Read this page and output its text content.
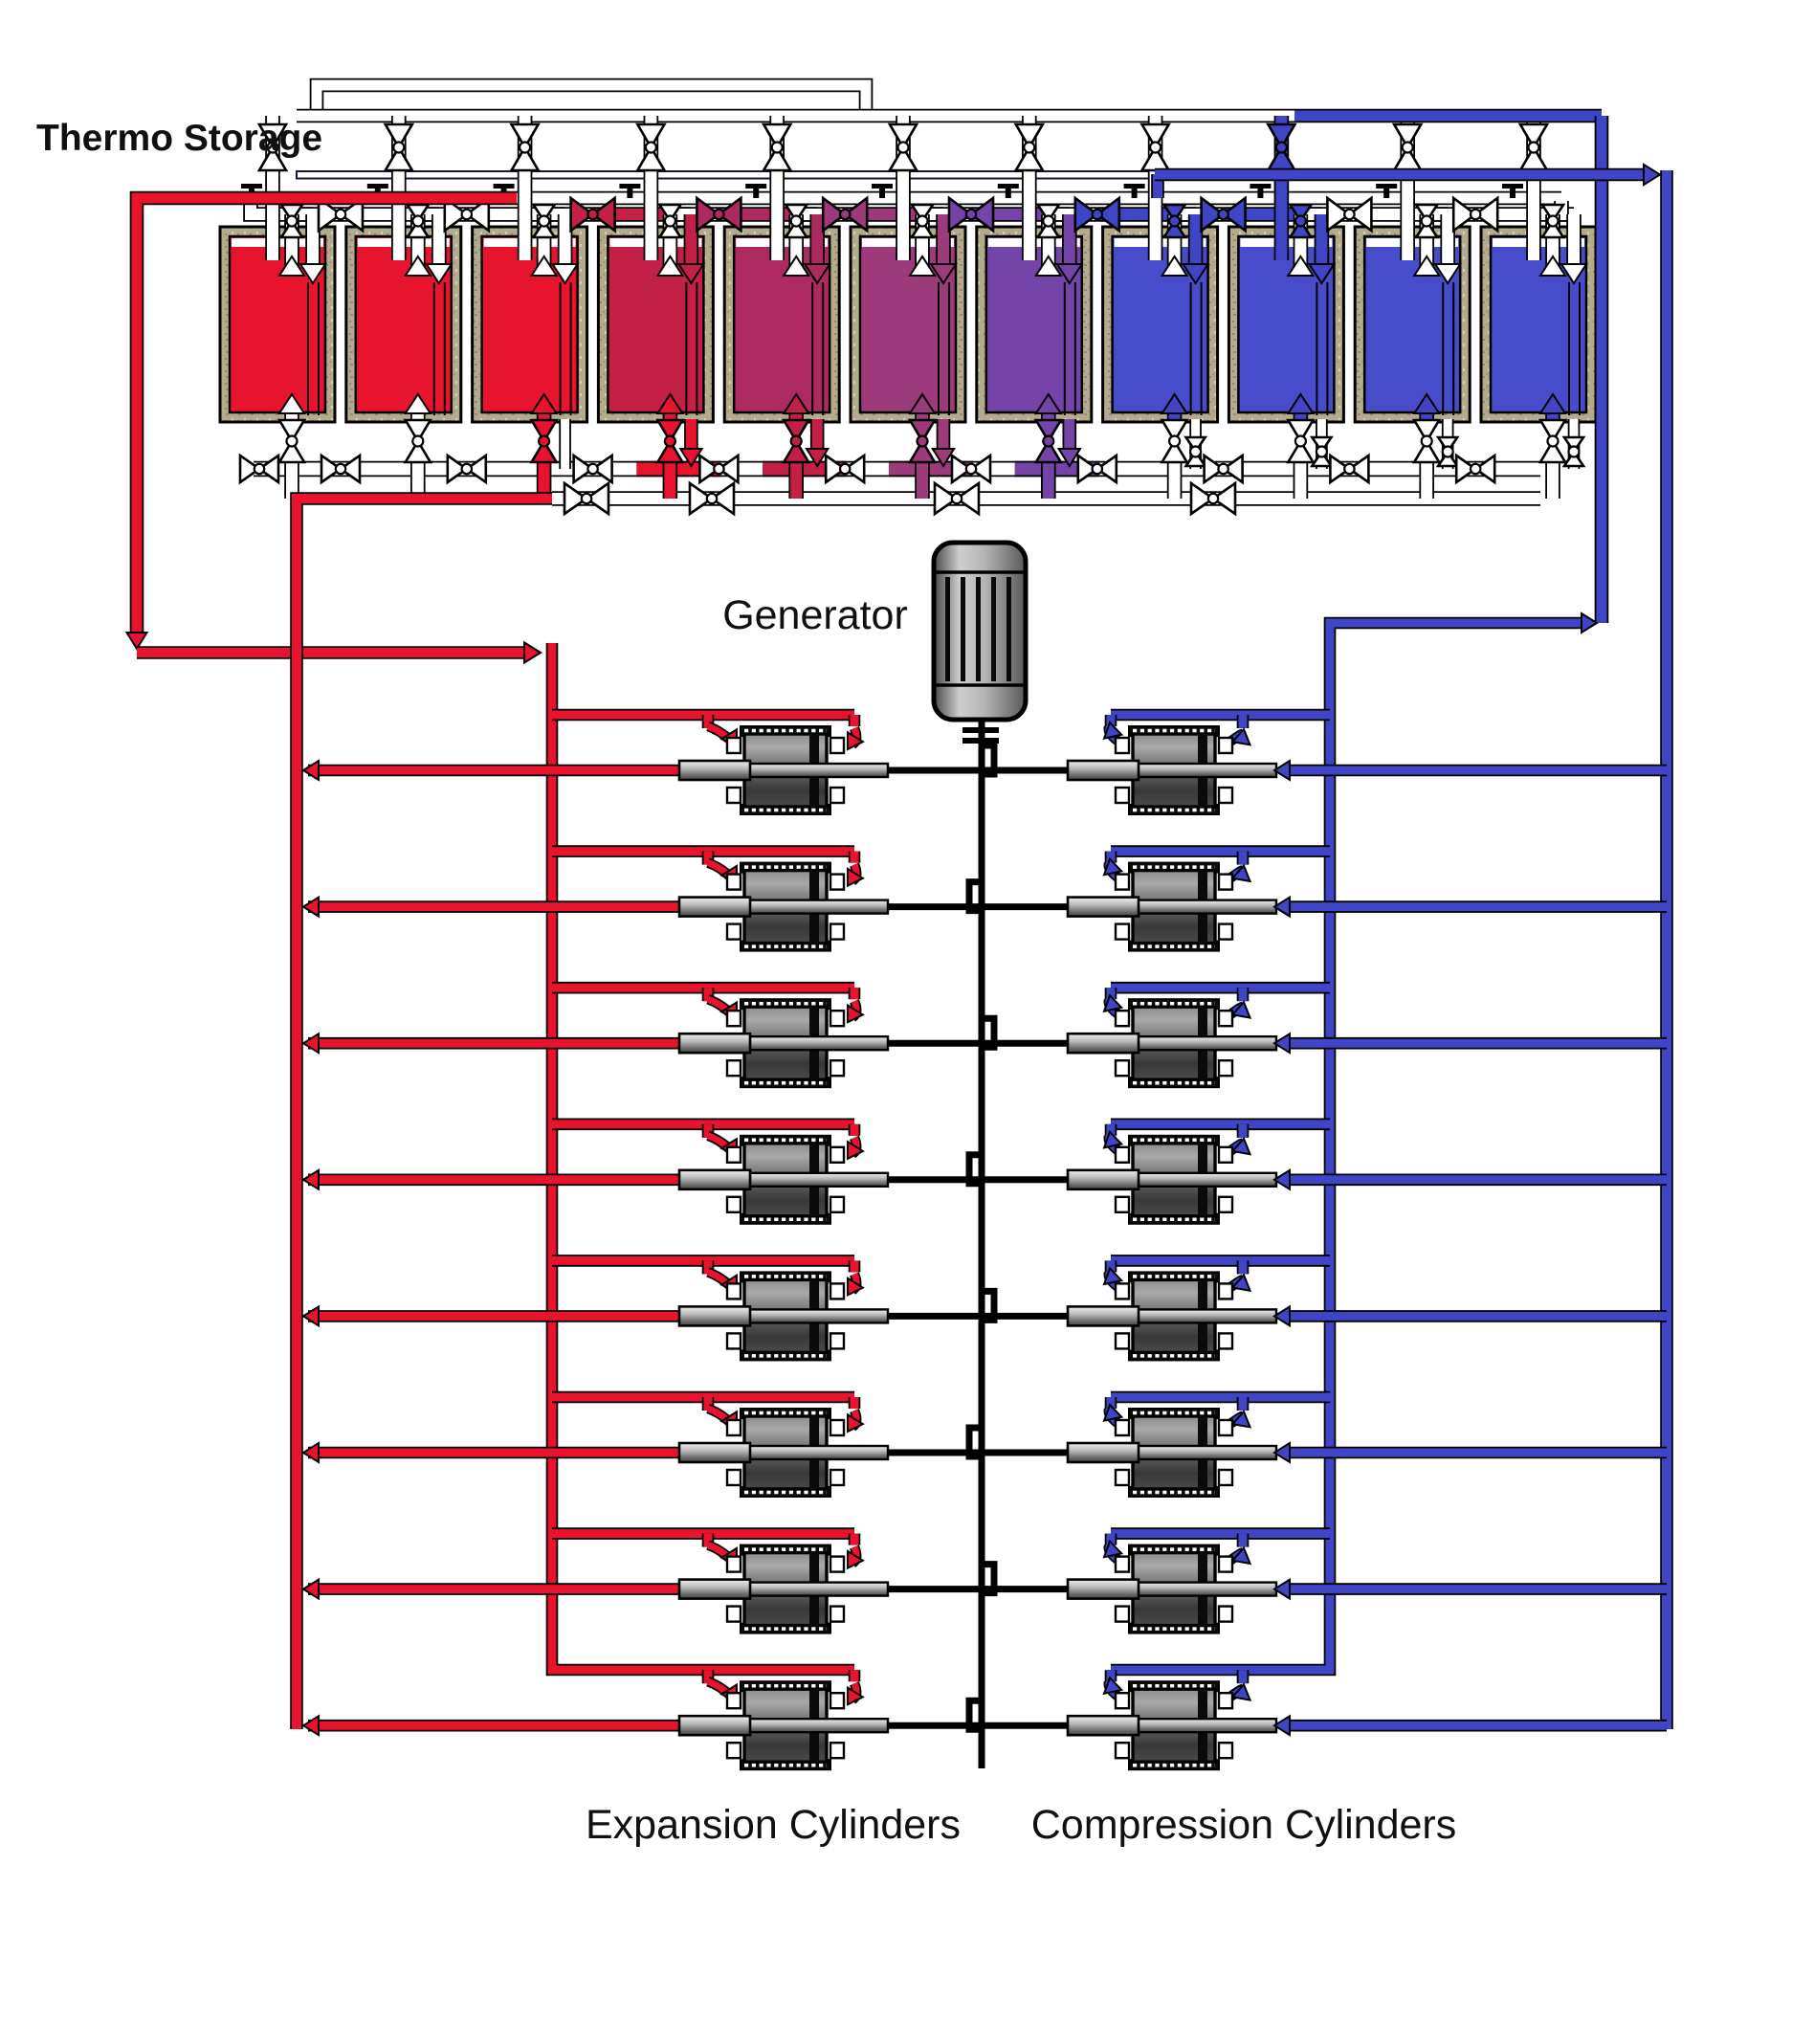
Thermo Storage
Generator
Expansion Cylinders Compression Cylinders
